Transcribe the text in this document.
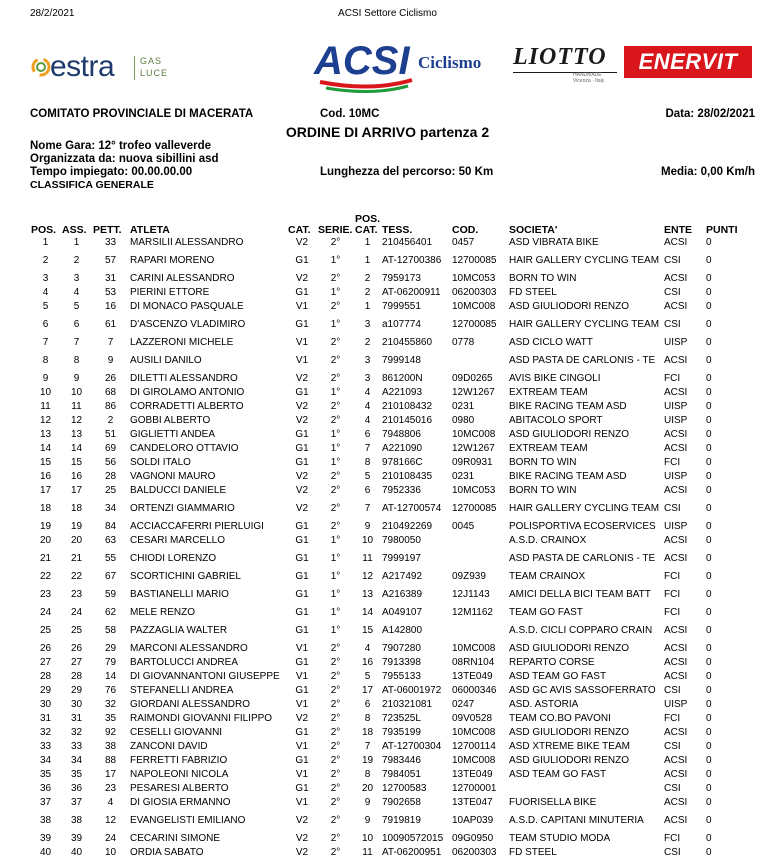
28/2/2021	ACSI Settore Ciclismo
estra	GAS
LUCE	ACSI Ciclismo LIOTTO
HANDMADE Vicenza · Italy
ENERVIT
COMITATO PROVINCIALE DI MACERATA	Cod. 10MC	Data: 28/02/2021
ORDINE DI ARRIVO partenza 2
Nome Gara: 12° trofeo valleverde
Organizzata da: nuova sibillini asd
Tempo impiegato: 00.00.00.00
CLASSIFICA GENERALE
Lunghezza del percorso: 50 Km	Media: 0,00 Km/h
POS.	ASS.	PETT.	ATLETA	CAT.	SERIE.	POS. CAT.	TESS.	COD.	SOCIETA'	ENTE	PUNTI
1	1	33	MARSILII ALESSANDRO	V2	2°	1	210456401	0457	ASD VIBRATA BIKE	ACSI	0
2	2	57	RAPARI MORENO	G1	1°	1	AT-12700386	12700085	HAIR GALLERY CYCLING TEAM	CSI	0
3	3	31	CARINI ALESSANDRO	V2	2°	2	7959173	10MC053	BORN TO WIN	ACSI	0
4	4	53	PIERINI ETTORE	G1	1°	2	AT-06200911	06200303	FD STEEL	CSI	0
5	5	16	DI MONACO PASQUALE	V1	2°	1	7999551	10MC008	ASD GIULIODORI RENZO	ACSI	0
6	6	61	D'ASCENZO VLADIMIRO	G1	1°	3	a107774	12700085	HAIR GALLERY CYCLING TEAM	CSI	0
7	7	7	LAZZERONI MICHELE	V1	2°	2	210455860	0778	ASD CICLO WATT	UISP	0
8	8	9	AUSILI DANILO	V1	2°	3	7999148		ASD PASTA DE CARLONIS - TE	ACSI	0
9	9	26	DILETTI ALESSANDRO	V2	2°	3	861200N	09D0265	AVIS BIKE CINGOLI	FCI	0
10	10	68	DI GIROLAMO ANTONIO	G1	1°	4	A221093	12W1267	EXTREAM TEAM	ACSI	0
11	11	86	CORRADETTI ALBERTO	V2	2°	4	210108432	0231	BIKE RACING TEAM ASD	UISP	0
12	12	2	GOBBI ALBERTO	V2	2°	4	210145016	0980	ABITACOLO SPORT	UISP	0
13	13	51	GIGLIETTI ANDEA	G1	1°	6	7948806	10MC008	ASD GIULIODORI RENZO	ACSI	0
14	14	69	CANDELORO OTTAVIO	G1	1°	7	A221090	12W1267	EXTREAM TEAM	ACSI	0
15	15	56	SOLDI ITALO	G1	1°	8	978166C	09R0931	BORN TO WIN	FCI	0
16	16	28	VAGNONI MAURO	V2	2°	5	210108435	0231	BIKE RACING TEAM ASD	UISP	0
17	17	25	BALDUCCI DANIELE	V2	2°	6	7952336	10MC053	BORN TO WIN	ACSI	0
18	18	34	ORTENZI GIAMMARIO	V2	2°	7	AT-12700574	12700085	HAIR GALLERY CYCLING TEAM	CSI	0
19	19	84	ACCIACCAFERRI PIERLUIGI	G1	2°	9	210492269	0045	POLISPORTIVA ECOSERVICES	UISP	0
20	20	63	CESARI MARCELLO	G1	1°	10	7980050		A.S.D. CRAINOX	ACSI	0
21	21	55	CHIODI LORENZO	G1	1°	11	7999197		ASD PASTA DE CARLONIS - TE	ACSI	0
22	22	67	SCORTICHINI GABRIEL	G1	1°	12	A217492	09Z939	TEAM CRAINOX	FCI	0
23	23	59	BASTIANELLI MARIO	G1	1°	13	A216389	12J1143	AMICI DELLA BICI TEAM BATT	FCI	0
24	24	62	MELE RENZO	G1	1°	14	A049107	12M1162	TEAM GO FAST	FCI	0
25	25	58	PAZZAGLIA WALTER	G1	1°	15	A142800		A.S.D. CICLI COPPARO CRAIN	ACSI	0
26	26	29	MARCONI ALESSANDRO	V1	2°	4	7907280	10MC008	ASD GIULIODORI RENZO	ACSI	0
27	27	79	BARTOLUCCI ANDREA	G1	2°	16	7913398	08RN104	REPARTO CORSE	ACSI	0
28	28	14	DI GIOVANNANTONI GIUSEPPE	V1	2°	5	7955133	13TE049	ASD TEAM GO FAST	ACSI	0
29	29	76	STEFANELLI ANDREA	G1	2°	17	AT-06001972	06000346	ASD GC AVIS SASSOFERRATO	CSI	0
30	30	32	GIORDANI ALESSANDRO	V1	2°	6	210321081	0247	ASD. ASTORIA	UISP	0
31	31	35	RAIMONDI GIOVANNI FILIPPO	V2	2°	8	723525L	09V0528	TEAM CO.BO PAVONI	FCI	0
32	32	92	CESELLI GIOVANNI	G1	2°	18	7935199	10MC008	ASD GIULIODORI RENZO	ACSI	0
33	33	38	ZANCONI DAVID	V1	2°	7	AT-12700304	12700114	ASD XTREME BIKE TEAM	CSI	0
34	34	88	FERRETTI FABRIZIO	G1	2°	19	7983446	10MC008	ASD GIULIODORI RENZO	ACSI	0
35	35	17	NAPOLEONI NICOLA	V1	2°	8	7984051	13TE049	ASD TEAM GO FAST	ACSI	0
36	36	23	PESARESI ALBERTO	G1	2°	20	12700583	12700001		CSI	0
37	37	4	DI GIOSIA ERMANNO	V1	2°	9	7902658	13TE047	FUORISELLA BIKE	ACSI	0
38	38	12	EVANGELISTI EMILIANO	V2	2°	9	7919819	10AP039	A.S.D. CAPITANI MINUTERIA	ACSI	0
39	39	24	CECARINI SIMONE	V2	2°	10	10090572015	09G0950	TEAM STUDIO MODA	FCI	0
40	40	10	ORDIA SABATO	V2	2°	11	AT-06200951	06200303	FD STEEL	CSI	0
